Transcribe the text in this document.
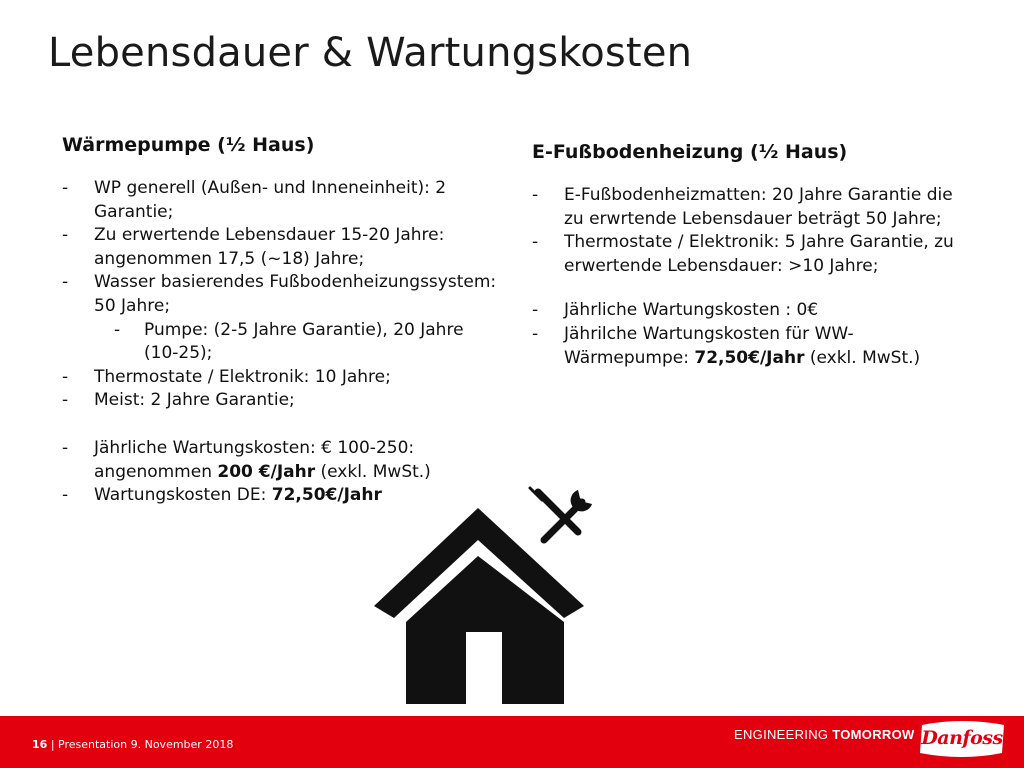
Lebensdauer & Wartungskosten
Wärmepumpe (½ Haus)
- WP generell (Außen- und Inneneinheit): 2 Garantie;
- Zu erwertende Lebensdauer 15-20 Jahre: angenommen 17,5 (~18) Jahre;
- Wasser basierendes Fußbodenheizungssystem: 50 Jahre;
- Pumpe: (2-5 Jahre Garantie), 20 Jahre (10-25);
- Thermostate / Elektronik: 10 Jahre;
- Meist: 2 Jahre Garantie;
- Jährliche Wartungskosten: € 100-250: angenommen 200 €/Jahr (exkl. MwSt.)
- Wartungskosten DE: 72,50€/Jahr
E-Fußbodenheizung (½ Haus)
- E-Fußbodenheizmatten: 20 Jahre Garantie die zu erwrtende Lebensdauer beträgt 50 Jahre;
- Thermostate / Elektronik: 5 Jahre Garantie, zu erwertende Lebensdauer: >10 Jahre;
- Jährliche Wartungskosten : 0€
- Jährilche Wartungskosten für WW-Wärmepumpe: 72,50€/Jahr (exkl. MwSt.)
16 | Presentation 9. November 2018
ENGINEERING TOMORROW Danfoss
